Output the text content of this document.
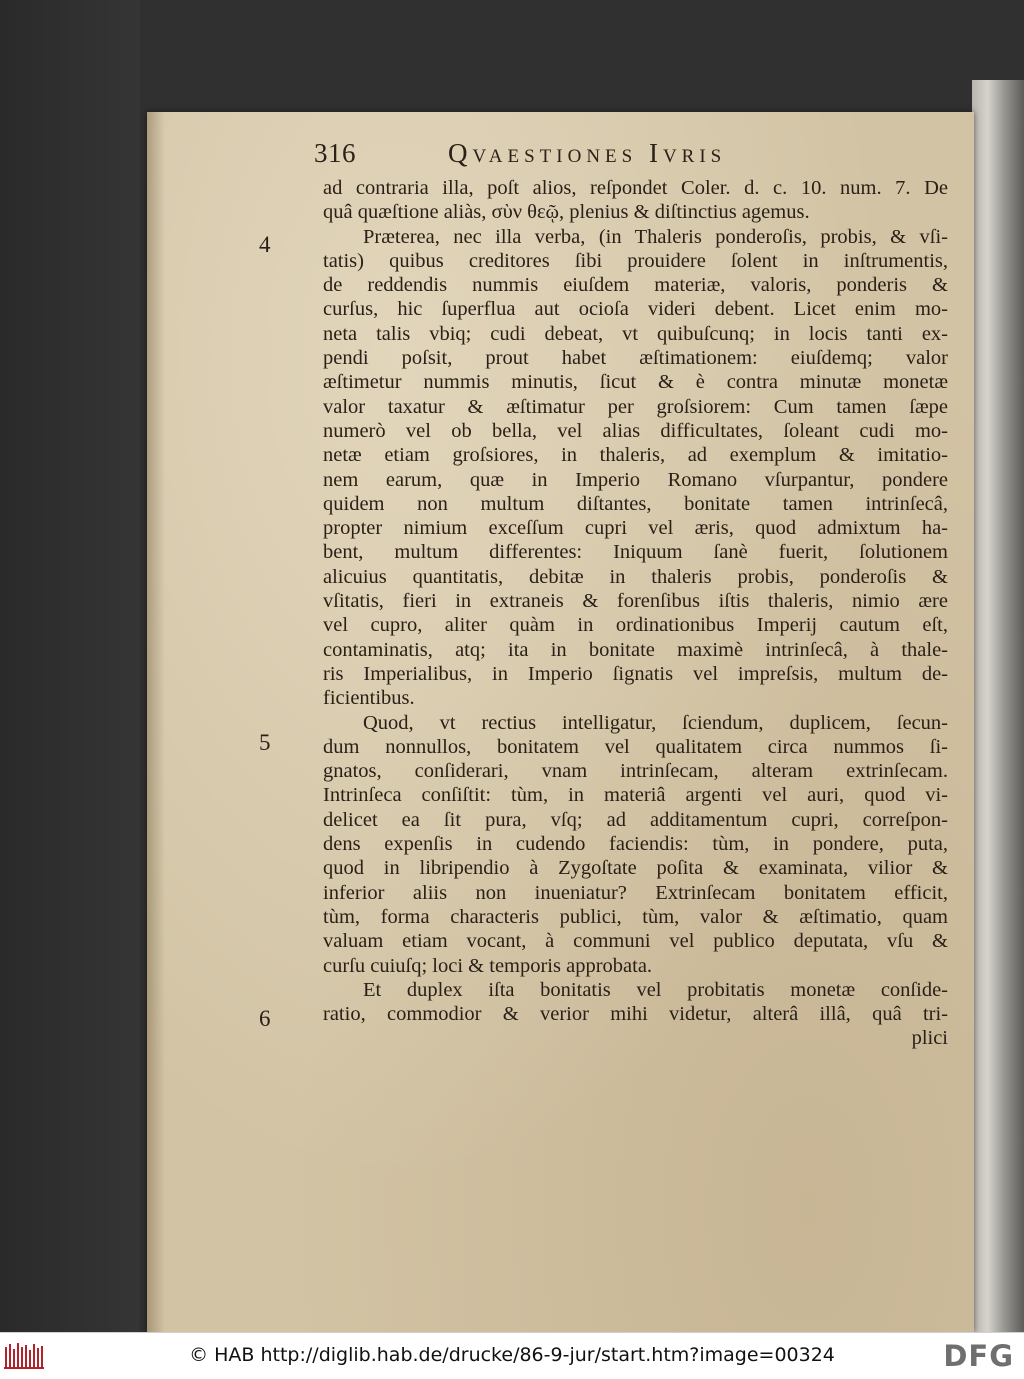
316	Qvaestiones Ivris
4
5
6
ad contraria illa, poſt alios, reſpondet Coler. d. c. 10. num. 7. De
quâ quæſtione aliàs, σὺν θεῷ, plenius & diſtinctius agemus.
Præterea, nec illa verba, (in Thaleris ponderoſis, probis, & vſi-
tatis) quibus creditores ſibi prouidere ſolent in inſtrumentis,
de reddendis nummis eiuſdem materiæ, valoris, ponderis &
curſus, hic ſuperflua aut ocioſa videri debent. Licet enim mo-
neta talis vbiq; cudi debeat, vt quibuſcunq; in locis tanti ex-
pendi poſsit, prout habet æſtimationem: eiuſdemq; valor
æſtimetur nummis minutis, ſicut & è contra minutæ monetæ
valor taxatur & æſtimatur per groſsiorem: Cum tamen ſæpe
numerò vel ob bella, vel alias difficultates, ſoleant cudi mo-
netæ etiam groſsiores, in thaleris, ad exemplum & imitatio-
nem earum, quæ in Imperio Romano vſurpantur, pondere
quidem non multum diſtantes, bonitate tamen intrinſecâ,
propter nimium exceſſum cupri vel æris, quod admixtum ha-
bent, multum differentes: Iniquum ſanè fuerit, ſolutionem
alicuius quantitatis, debitæ in thaleris probis, ponderoſis &
vſitatis, fieri in extraneis & forenſibus iſtis thaleris, nimio ære
vel cupro, aliter quàm in ordinationibus Imperij cautum eſt,
contaminatis, atq; ita in bonitate maximè intrinſecâ, à thale-
ris Imperialibus, in Imperio ſignatis vel impreſsis, multum de-
ficientibus.
Quod, vt rectius intelligatur, ſciendum, duplicem, ſecun-
dum nonnullos, bonitatem vel qualitatem circa nummos ſi-
gnatos, conſiderari, vnam intrinſecam, alteram extrinſecam.
Intrinſeca conſiſtit: tùm, in materiâ argenti vel auri, quod vi-
delicet ea ſit pura, vſq; ad additamentum cupri, correſpon-
dens expenſis in cudendo faciendis: tùm, in pondere, puta,
quod in libripendio à Zygoſtate poſita & examinata, vilior &
inferior aliis non inueniatur? Extrinſecam bonitatem efficit,
tùm, forma characteris publici, tùm, valor & æſtimatio, quam
valuam etiam vocant, à communi vel publico deputata, vſu &
curſu cuiuſq; loci & temporis approbata.
Et duplex iſta bonitatis vel probitatis monetæ conſide-
ratio, commodior & verior mihi videtur, alterâ illâ, quâ tri-
plici
© HAB http://diglib.hab.de/drucke/86-9-jur/start.htm?image=00324	DFG
